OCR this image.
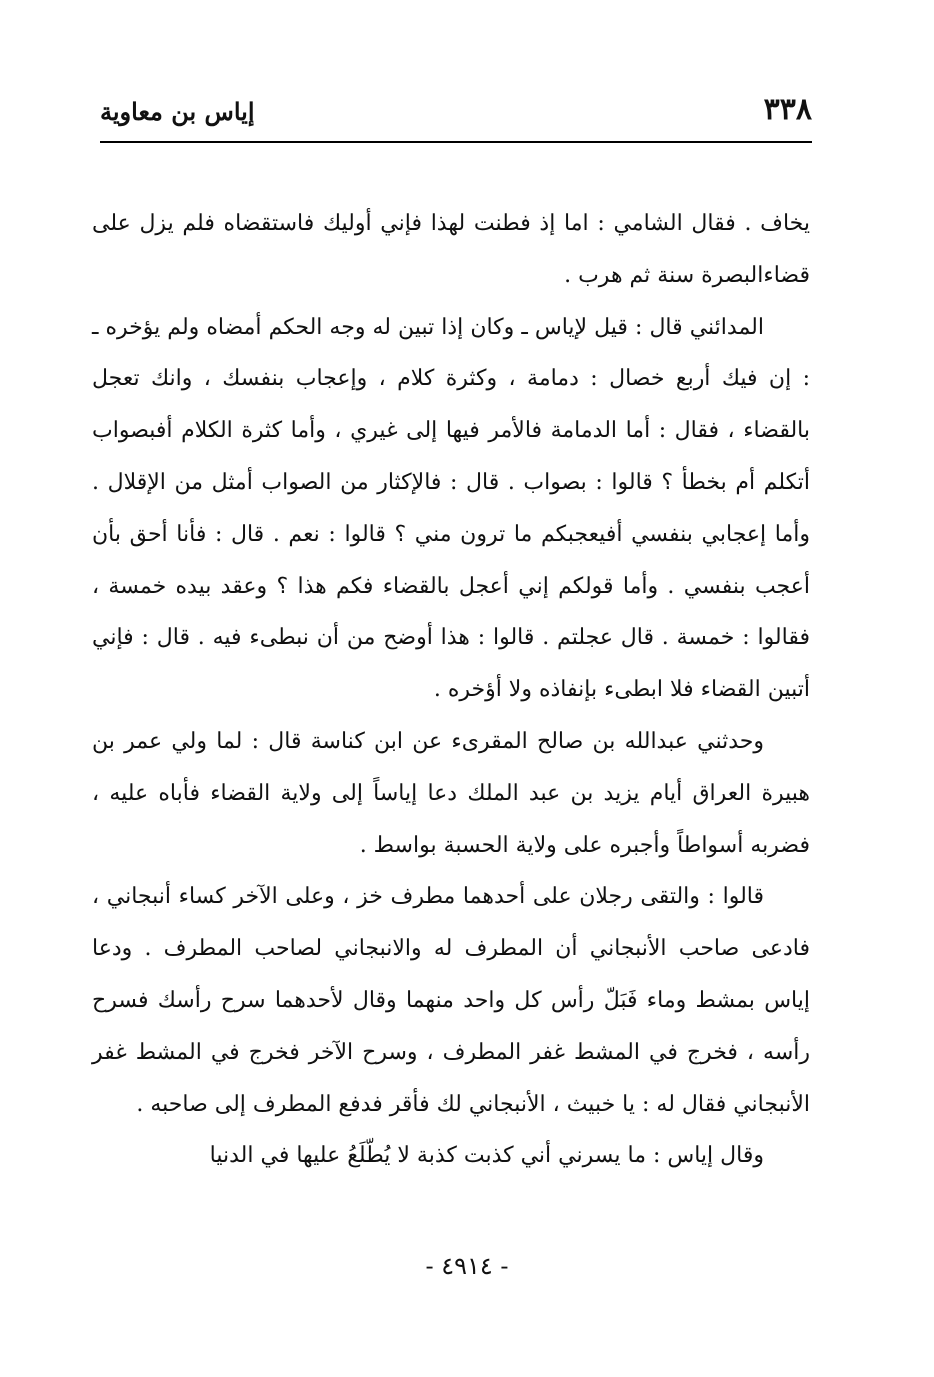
٣٣٨
إياس بن معاوية

يخاف . فقال الشامي : اما إذ فطنت لهذا فإني أوليك فاستقضاه فلم يزل على قضاءالبصرة سنة ثم هرب .

المدائني قال : قيل لإياس ـ وكان إذا تبين له وجه الحكم أمضاه ولم يؤخره ـ : إن فيك أربع خصال : دمامة ، وكثرة كلام ، وإعجاب بنفسك ، وانك تعجل بالقضاء ، فقال : أما الدمامة فالأمر فيها إلى غيري ، وأما كثرة الكلام أفبصواب أتكلم أم بخطأ ؟ قالوا : بصواب . قال : فالإكثار من الصواب أمثل من الإقلال . وأما إعجابي بنفسي أفيعجبكم ما ترون مني ؟ قالوا : نعم . قال : فأنا أحق بأن أعجب بنفسي . وأما قولكم إني أعجل بالقضاء فكم هذا ؟ وعقد بيده خمسة ، فقالوا : خمسة . قال عجلتم . قالوا : هذا أوضح من أن نبطىء فيه . قال : فإني أتبين القضاء فلا ابطىء بإنفاذه ولا أؤخره .

وحدثني عبدالله بن صالح المقرىء عن ابن كناسة قال : لما ولي عمر بن هبيرة العراق أيام يزيد بن عبد الملك دعا إياساً إلى ولاية القضاء فأباه عليه ، فضربه أسواطاً وأجبره على ولاية الحسبة بواسط .

قالوا : والتقى رجلان على أحدهما مطرف خز ، وعلى الآخر كساء أنبجاني ، فادعى صاحب الأنبجاني أن المطرف له والانبجاني لصاحب المطرف . ودعا إياس بمشط وماء فَبَلّ رأس كل واحد منهما وقال لأحدهما سرح رأسك فسرح رأسه ، فخرج في المشط غفر المطرف ، وسرح الآخر فخرج في المشط غفر الأنبجاني فقال له : يا خبيث ، الأنبجاني لك فأقر فدفع المطرف إلى صاحبه .

وقال إياس : ما يسرني أني كذبت كذبة لا يُطّلَعُ عليها في الدنيا

- ٤٩١٤ -
